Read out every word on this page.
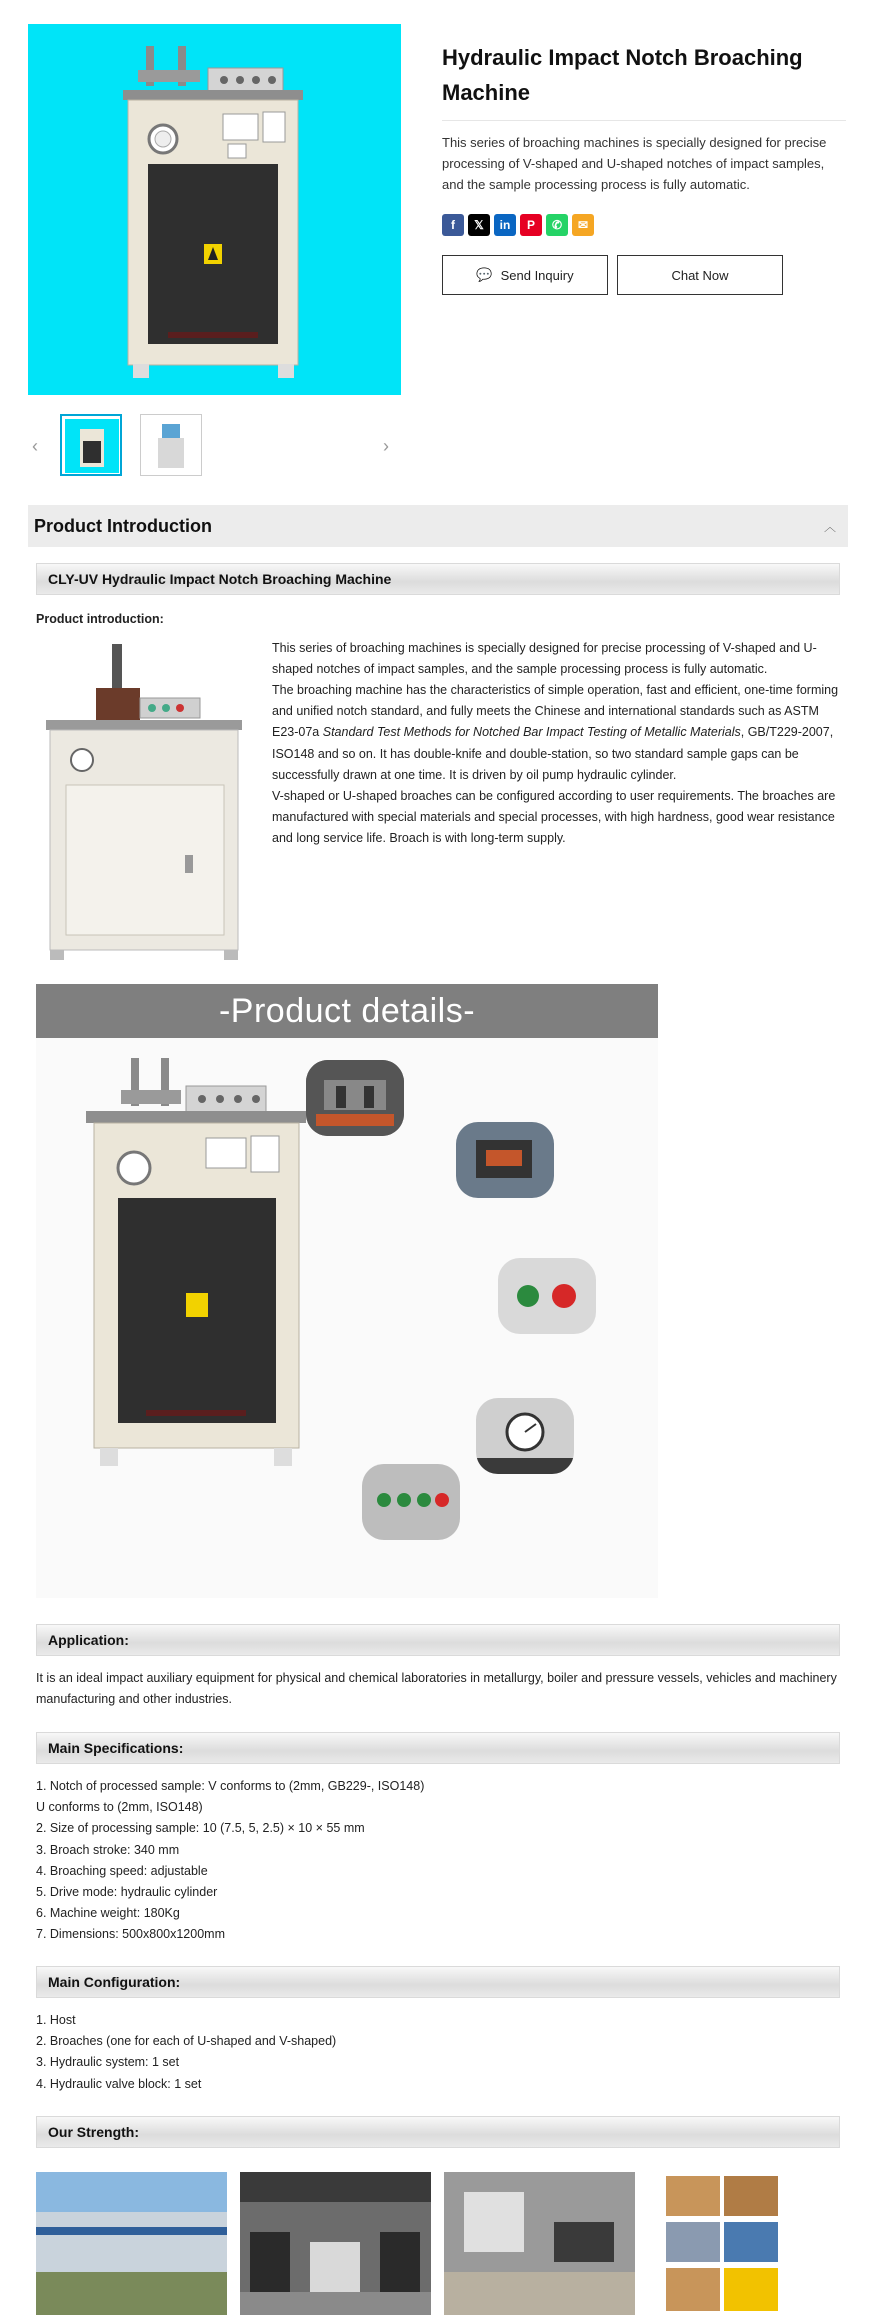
‹	›
Hydraulic Impact Notch Broaching Machine

This series of broaching machines is specially designed for precise processing of V-shaped and U-shaped notches of impact samples, and the sample processing process is fully automatic.

f	𝕏	in	P	✆	✉
💬 Send Inquiry	Chat Now
Product Introduction	︿
CLY-UV Hydraulic Impact Notch Broaching Machine
Product introduction:
This series of broaching machines is specially designed for precise processing of V-shaped and U-shaped notches of impact samples, and the sample processing process is fully automatic.
The broaching machine has the characteristics of simple operation, fast and efficient, one-time forming and unified notch standard, and fully meets the Chinese and international standards such as ASTM E23-07a Standard Test Methods for Notched Bar Impact Testing of Metallic Materials, GB/T229-2007, ISO148 and so on. It has double-knife and double-station, so two standard sample gaps can be successfully drawn at one time. It is driven by oil pump hydraulic cylinder.
V-shaped or U-shaped broaches can be configured according to user requirements. The broaches are manufactured with special materials and special processes, with high hardness, good wear resistance and long service life. Broach is with long-term supply.
-Product details-
Application:
It is an ideal impact auxiliary equipment for physical and chemical laboratories in metallurgy, boiler and pressure vessels, vehicles and machinery manufacturing and other industries.
Main Specifications:
1. Notch of processed sample: V conforms to (2mm, GB229-, ISO148)
U conforms to (2mm, ISO148)
2. Size of processing sample: 10 (7.5, 5, 2.5) × 10 × 55 mm
3. Broach stroke: 340 mm
4. Broaching speed: adjustable
5. Drive mode: hydraulic cylinder
6. Machine weight: 180Kg
7. Dimensions: 500x800x1200mm
Main Configuration:
1. Host
2. Broaches (one for each of U-shaped and V-shaped)
3. Hydraulic system: 1 set
4. Hydraulic valve block: 1 set
Our Strength:
